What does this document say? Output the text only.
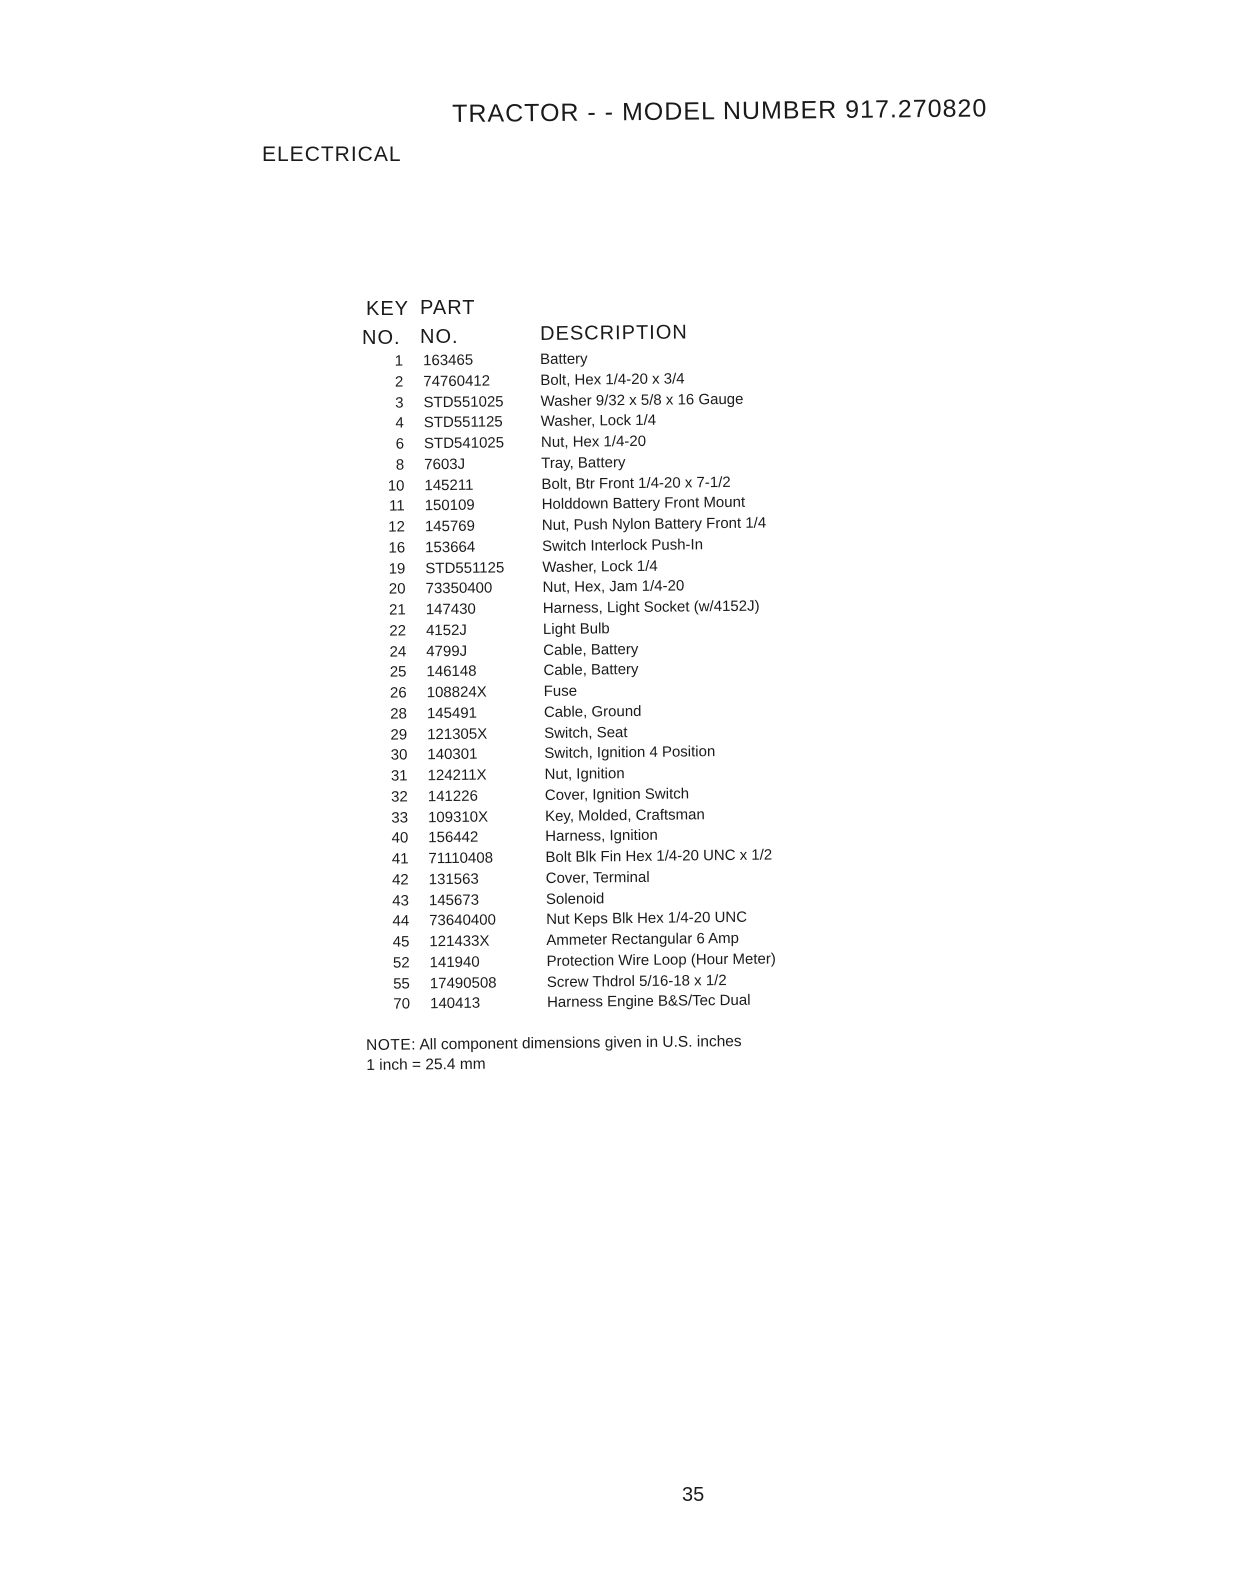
TRACTOR - - MODEL NUMBER 917.270820
ELECTRICAL
KEY PART
NO. NO.	DESCRIPTION
1 163465	Battery
2 74760412	Bolt, Hex 1/4-20 x 3/4
3 STD551025 Washer 9/32 x 5/8 x 16 Gauge
4 STD551125	Washer, Lock 1/4
6 STD541025 Nut, Hex 1/4-20
8 7603J	Tray, Battery
10 145211	Bolt, Btr Front 1/4-20 x 7-1/2
11 150109	Holddown Battery Front Mount
12 145769	Nut, Push Nylon Battery Front 1/4
16 153664	Switch Interlock Push-In
19 STD551125	Washer, Lock 1/4
20 73350400	Nut, Hex, Jam 1/4-20
21 147430	Harness, Light Socket (w/4152J)
22 4152J	Light Bulb
24 4799J	Cable, Battery
25 146148	Cable, Battery
26 108824X	Fuse
28 145491	Cable, Ground
29 121305X	Switch, Seat
30 140301	Switch, Ignition 4 Position
31 124211X	Nut, Ignition
32 141226	Cover, Ignition Switch
33 109310X	Key, Molded, Craftsman
40 156442	Harness, Ignition
41 71110408	Bolt Blk Fin Hex 1/4-20 UNC x 1/2
42 131563	Cover, Terminal
43 145673	Solenoid
44 73640400	Nut Keps Blk Hex 1/4-20 UNC
45 121433X	Ammeter Rectangular 6 Amp
52 141940	Protection Wire Loop (Hour Meter)
55 17490508	Screw Thdrol 5/16-18 x 1/2
70 140413	Harness Engine B&S/Tec Dual
NOTE: All component dimensions given in U.S. inches
1 inch = 25.4 mm
35
